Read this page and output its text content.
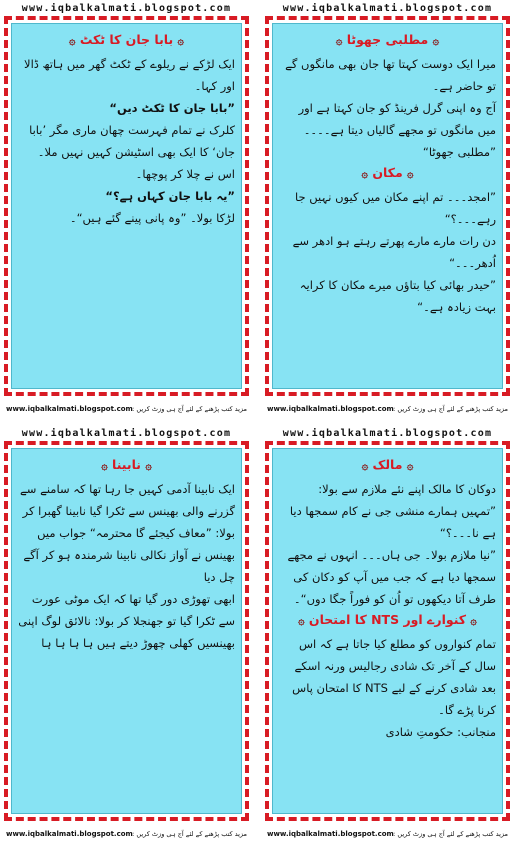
www.iqbalkalmati.blogspot.com
۞ بابا جان کا ٹکٹ ۞

ایک لڑکے نے ریلوے کے ٹکٹ گھر میں ہاتھ ڈالا اور کہا۔

”بابا جان کا ٹکٹ دیں“

کلرک نے تمام فہرست چھان ماری مگر ’بابا جان‘ کا ایک بھی اسٹیشن کہیں نہیں ملا۔ اس نے چلا کر پوچھا۔

”یہ بابا جان کہاں ہے؟“

لڑکا بولا۔ ”وہ پانی پینے گئے ہیں“۔

www.iqbalkalmati.blogspot.com مزید کتب پڑھنے کے لئے آج ہی وزٹ کریں :
www.iqbalkalmati.blogspot.com
۞ مطلبی جھوٹا ۞

میرا ایک دوست کہتا تھا جان بھی مانگوں گے تو حاضر ہے۔

آج وہ اپنی گرل فرینڈ کو جان کہتا ہے اور میں مانگوں تو مجھے گالیاں دیتا ہے۔۔۔۔ ”مطلبی جھوٹا“

۞ مکان ۞

”امجد۔۔۔ تم اپنے مکان میں کیوں نہیں جا رہے۔۔۔؟“

دن رات مارے مارے پھرتے رہتے ہو ادھر سے اُدھر۔۔۔“

”حیدر بھائی کیا بتاؤں میرے مکان کا کرایہ بہت زیادہ ہے۔“

www.iqbalkalmati.blogspot.com مزید کتب پڑھنے کے لئے آج ہی وزٹ کریں :
www.iqbalkalmati.blogspot.com
۞ نابینا ۞

ایک نابینا آدمی کہیں جا رہا تھا کہ سامنے سے گزرنے والی بھینس سے ٹکرا گیا نابینا گھبرا کر بولا: ”معاف کیجئے گا محترمہ“ جواب میں بھینس نے آواز نکالی نابینا شرمندہ ہو کر آگے چل دیا

ابھی تھوڑی دور گیا تھا کہ ایک موٹی عورت سے ٹکرا گیا تو جھنجلا کر بولا: نالائق لوگ اپنی بھینسیں کھلی چھوڑ دیتے ہیں ہا ہا ہا ہا

www.iqbalkalmati.blogspot.com مزید کتب پڑھنے کے لئے آج ہی وزٹ کریں :
www.iqbalkalmati.blogspot.com
۞ مالک ۞

دوکان کا مالک اپنے نئے ملازم سے بولا:

”تمہیں ہمارے منشی جی نے کام سمجھا دیا ہے نا۔۔۔؟“

”نیا ملازم بولا۔ جی ہاں۔۔۔ انہوں نے مجھے سمجھا دیا ہے کہ جب میں آپ کو دکان کی طرف آتا دیکھوں تو اُن کو فوراً جگا دوں“۔

۞ کنوارے اور NTS کا امتحان ۞

تمام کنواروں کو مطلع کیا جاتا ہے کہ اس سال کے آخر تک شادی رجالیس ورنہ اسکے بعد شادی کرنے کے لیے NTS کا امتحان پاس کرنا پڑے گا۔

منجانب: حکومتِ شادی

www.iqbalkalmati.blogspot.com مزید کتب پڑھنے کے لئے آج ہی وزٹ کریں :
